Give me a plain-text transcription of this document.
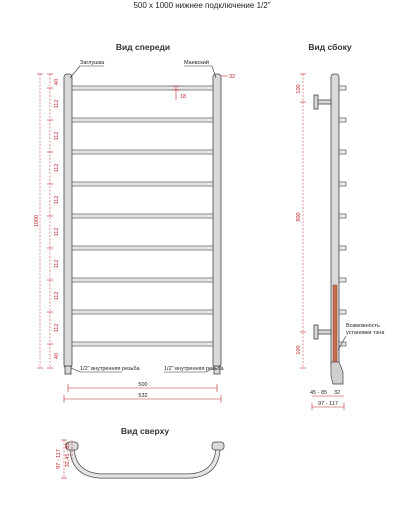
500 x 1000 нижнее подключение 1/2"
Вид спереди
Заглушка	Маевский
32
18
40
112
112
112
112
112
112
112
112
40
1000
1/2" внутренняя резьба	1/2" внутренняя резьба
500
532
Вид сбоку
100
800
100
Возможность установки тэна
45 - 85 32
97 - 117
Вид сверху
97 - 117 32,45 - 65
